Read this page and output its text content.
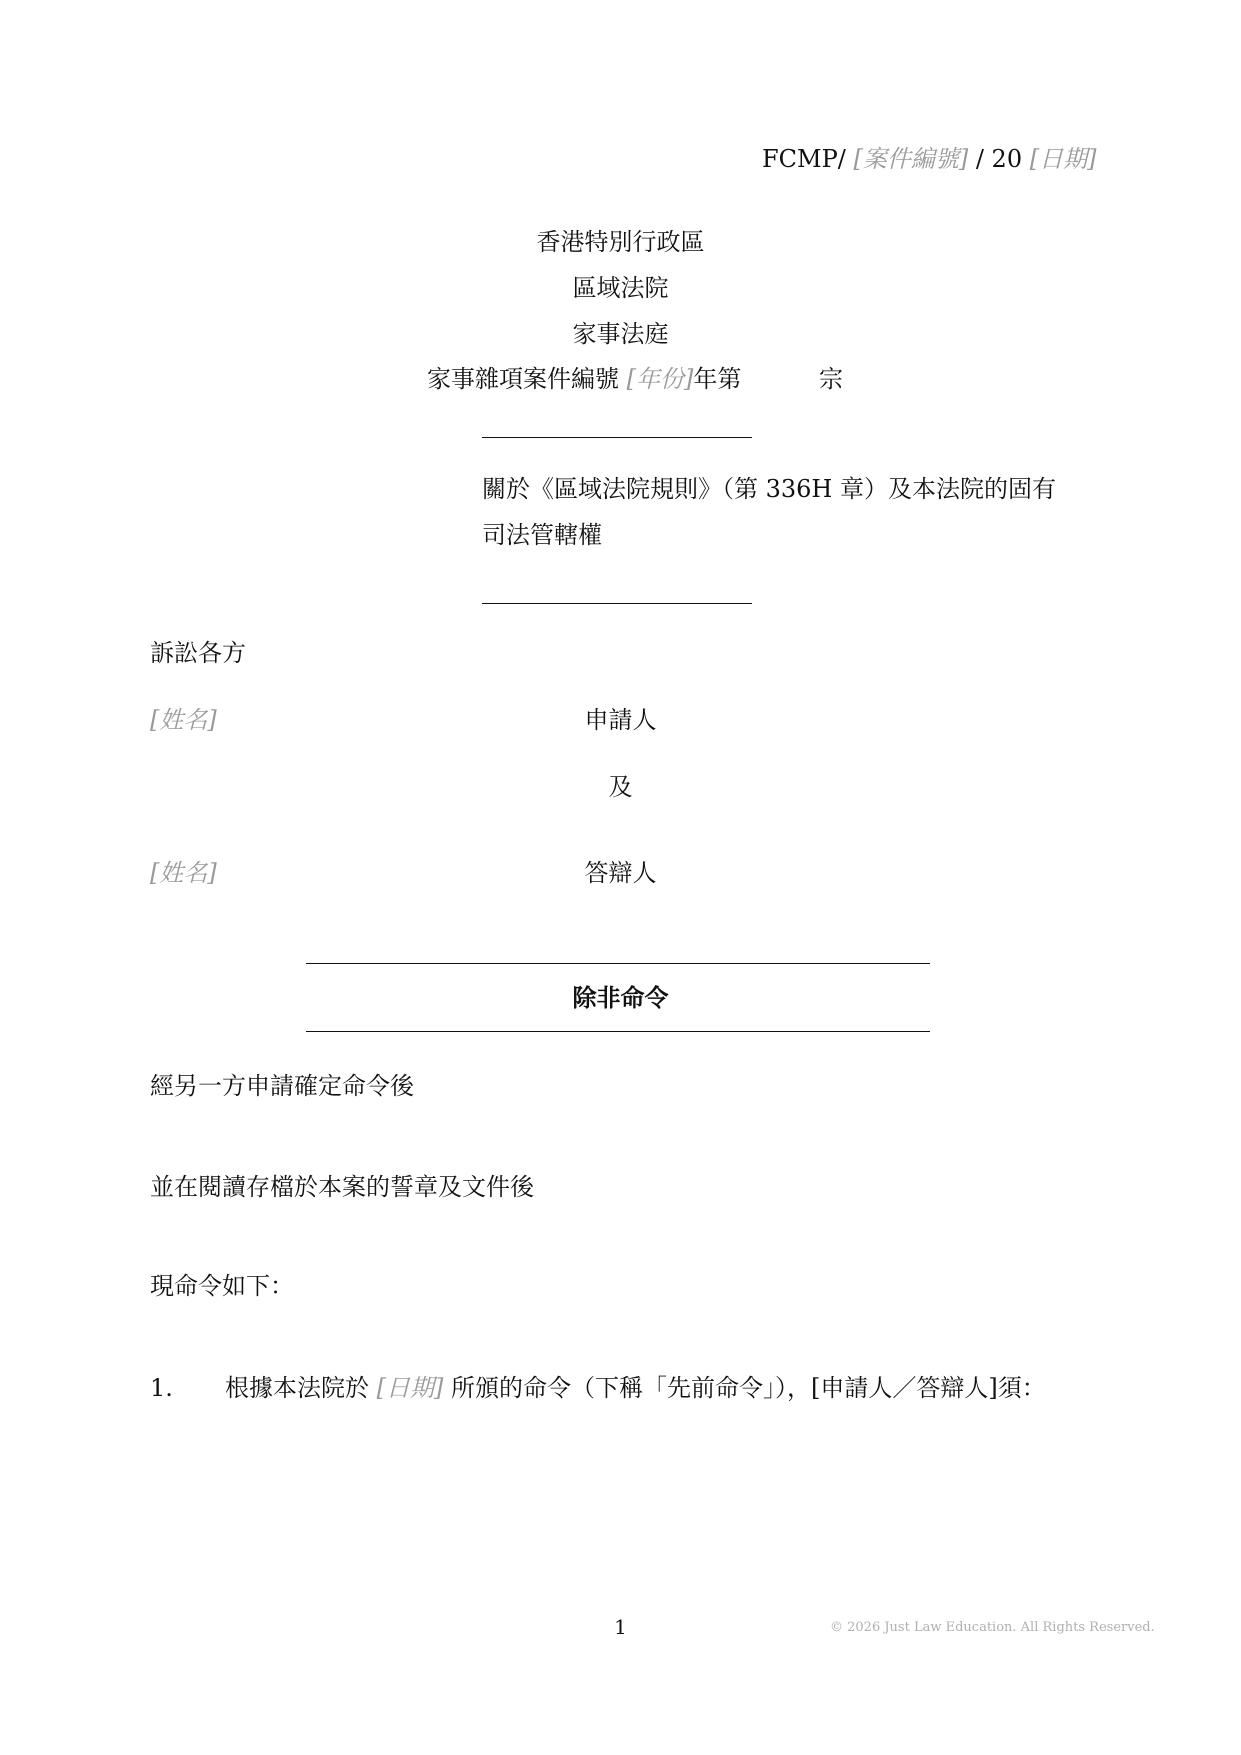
FCMP/ [案件編號] / 20 [日期]
香港特別行政區
區域法院
家事法庭
家事雜項案件編號 [年份]年第	宗
關於《區域法院規則》（第 336H 章）及本法院的固有
司法管轄權
訴訟各方
[姓名]	申請人
及
[姓名]	答辯人
除非命令
經另一方申請確定命令後
並在閱讀存檔於本案的誓章及文件後
現命令如下：
1. 根據本法院於 [日期] 所頒的命令（下稱「先前命令」），[申請人／答辯人]須：
1	© 2026 Just Law Education. All Rights Reserved.
